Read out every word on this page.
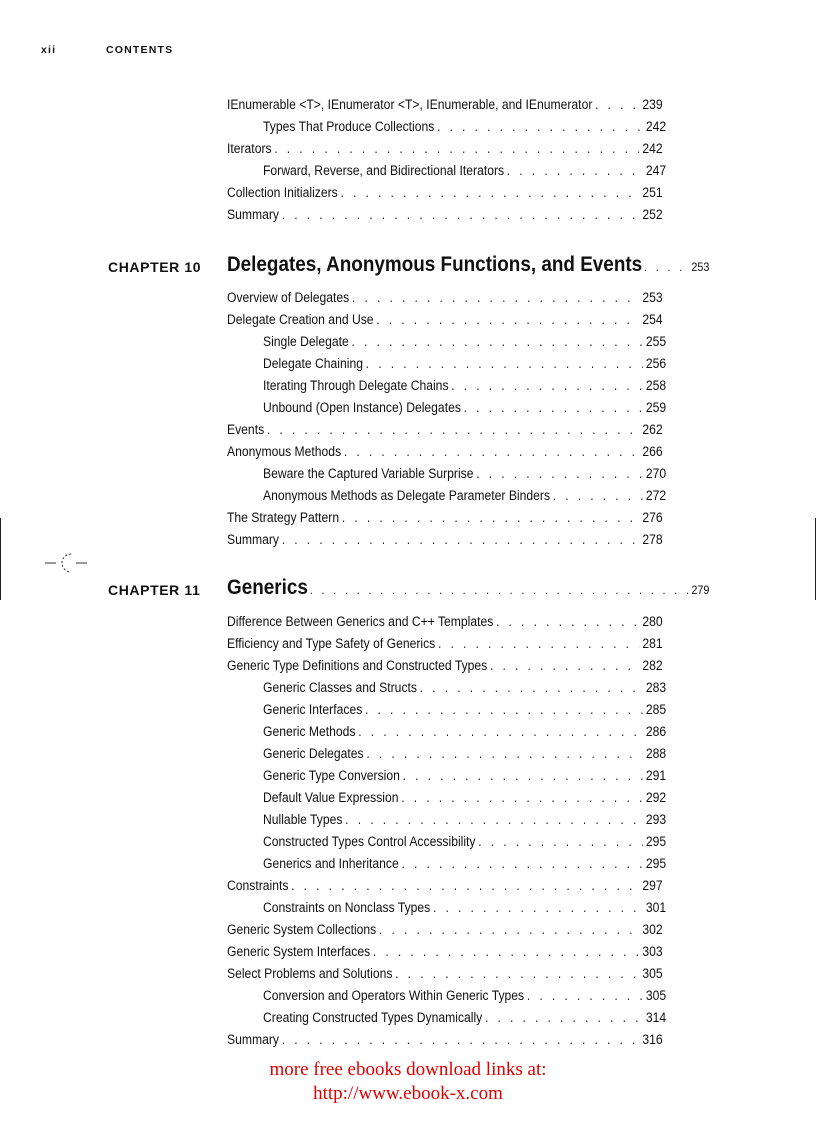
xii	CONTENTS
IEnumerable <T>, IEnumerator <T>, IEnumerable, and IEnumerator . . .	239
Types That Produce Collections . . .	242
Iterators . . .	242
Forward, Reverse, and Bidirectional Iterators . . .	247
Collection Initializers . . .	251
Summary . . .	252
CHAPTER 10 Delegates, Anonymous Functions, and Events . . .	253
Overview of Delegates . . .	253
Delegate Creation and Use . . .	254
Single Delegate . . .	255
Delegate Chaining . . .	256
Iterating Through Delegate Chains . . .	258
Unbound (Open Instance) Delegates . . .	259
Events . . .	262
Anonymous Methods . . .	266
Beware the Captured Variable Surprise . . .	270
Anonymous Methods as Delegate Parameter Binders . . .	272
The Strategy Pattern . . .	276
Summary . . .	278
CHAPTER 11 Generics . . .	279
Difference Between Generics and C++ Templates . . .	280
Efficiency and Type Safety of Generics . . .	281
Generic Type Definitions and Constructed Types . . .	282
Generic Classes and Structs . . .	283
Generic Interfaces . . .	285
Generic Methods . . .	286
Generic Delegates . . .	288
Generic Type Conversion . . .	291
Default Value Expression . . .	292
Nullable Types . . .	293
Constructed Types Control Accessibility . . .	295
Generics and Inheritance . . .	295
Constraints . . .	297
Constraints on Nonclass Types . . .	301
Generic System Collections . . .	302
Generic System Interfaces . . .	303
Select Problems and Solutions . . .	305
Conversion and Operators Within Generic Types . . .	305
Creating Constructed Types Dynamically . . .	314
Summary . . .	316
more free ebooks download links at:
http://www.ebook-x.com
